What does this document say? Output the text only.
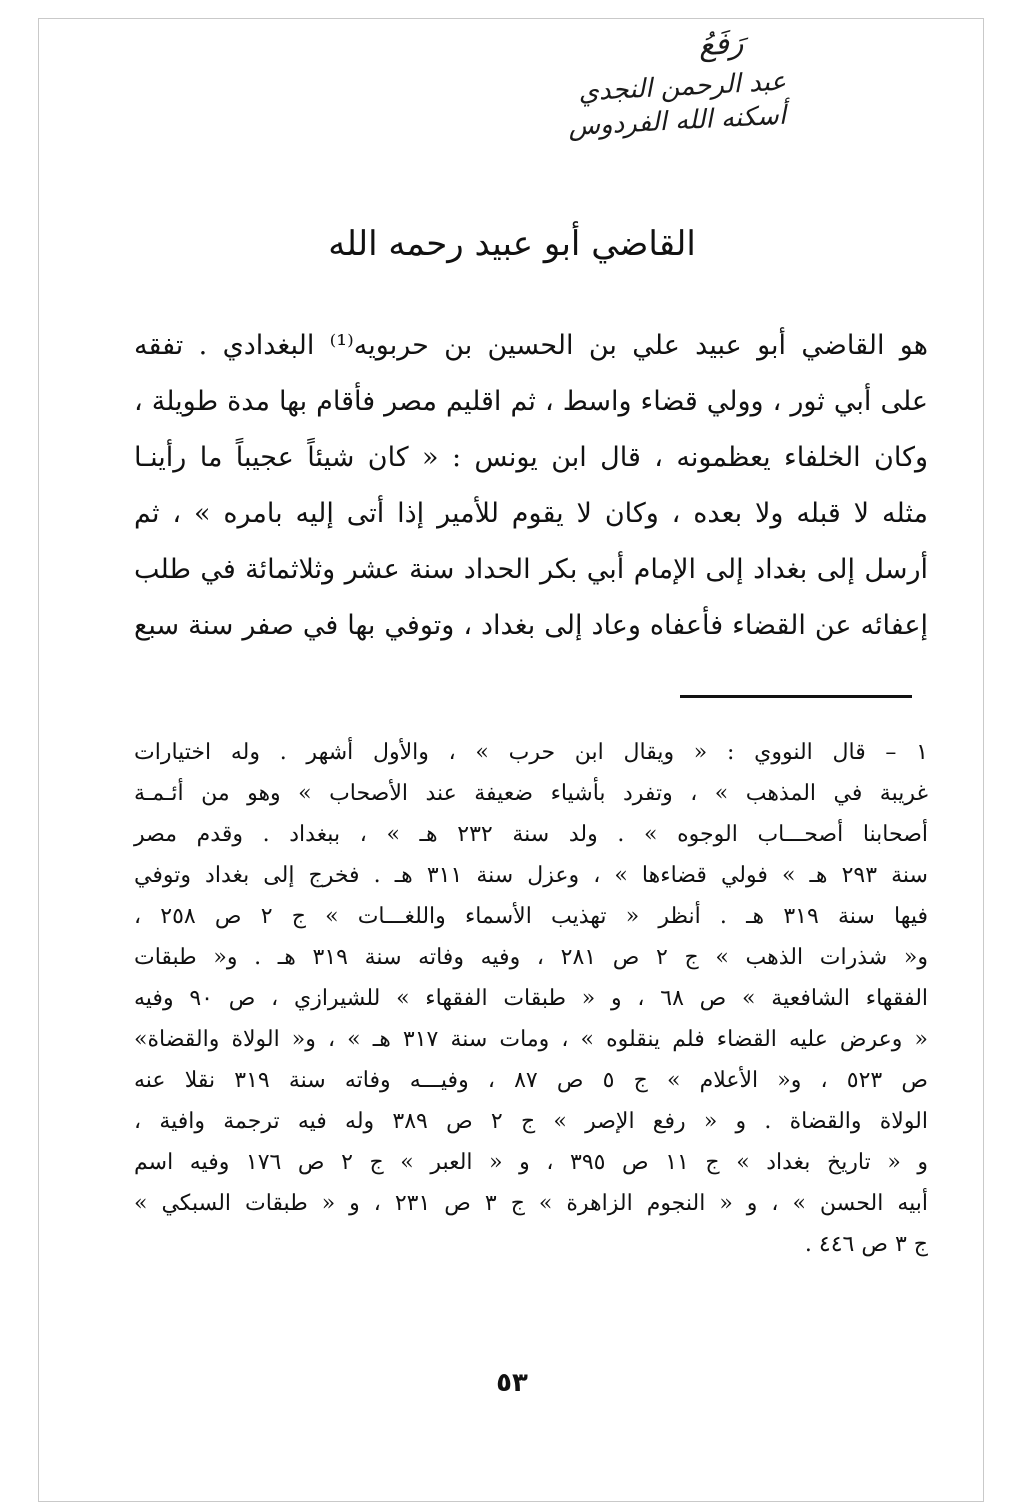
رَفَعُ
عبد الرحمن النجدي
أسكنه الله الفردوس
القاضي أبو عبيد رحمه الله
هو القاضي أبو عبيد علي بن الحسين بن حربويه⁽¹⁾ البغدادي . تفقه
على أبي ثور ، وولي قضاء واسط ، ثم اقليم مصر فأقام بها مدة طويلة ،
وكان الخلفاء يعظمونه ، قال ابن يونس : « كان شيئاً عجيباً ما رأينـا
مثله لا قبله ولا بعده ، وكان لا يقوم للأمير إذا أتى إليه بامره » ، ثم
أرسل إلى بغداد إلى الإمام أبي بكر الحداد سنة عشر وثلاثمائة في طلب
إعفائه عن القضاء فأعفاه وعاد إلى بغداد ، وتوفي بها في صفر سنة سبع
١ – قال النووي : « ويقال ابن حرب » ، والأول أشهر . وله اختيارات
غريبة في المذهب » ، وتفرد بأشياء ضعيفة عند الأصحاب » وهو من أئـمـة
أصحابنا أصحـــاب الوجوه » . ولد سنة ٢٣٢ هـ » ، ببغداد . وقدم مصر
سنة ٢٩٣ هـ » فولي قضاءها » ، وعزل سنة ٣١١ هـ . فخرج إلى بغداد وتوفي
فيها سنة ٣١٩ هـ . أنظر « تهذيب الأسماء واللغـــات » ج ٢ ص ٢٥٨ ،
و« شذرات الذهب » ج ٢ ص ٢٨١ ، وفيه وفاته سنة ٣١٩ هـ . و« طبقات
الفقهاء الشافعية » ص ٦٨ ، و « طبقات الفقهاء » للشيرازي ، ص ٩٠ وفيه
« وعرض عليه القضاء فلم ينقلوه » ، ومات سنة ٣١٧ هـ » ، و« الولاة والقضاة»
ص ٥٢٣ ، و« الأعلام » ج ٥ ص ٨٧ ، وفيـــه وفاته سنة ٣١٩ نقلا عنه
الولاة والقضاة . و « رفع الإصر » ج ٢ ص ٣٨٩ وله فيه ترجمة وافية ،
و « تاريخ بغداد » ج ١١ ص ٣٩٥ ، و « العبر » ج ٢ ص ١٧٦ وفيه اسم
أبيه الحسن » ، و « النجوم الزاهرة » ج ٣ ص ٢٣١ ، و « طبقات السبكي »
ج ٣ ص ٤٤٦ .
٥٣
